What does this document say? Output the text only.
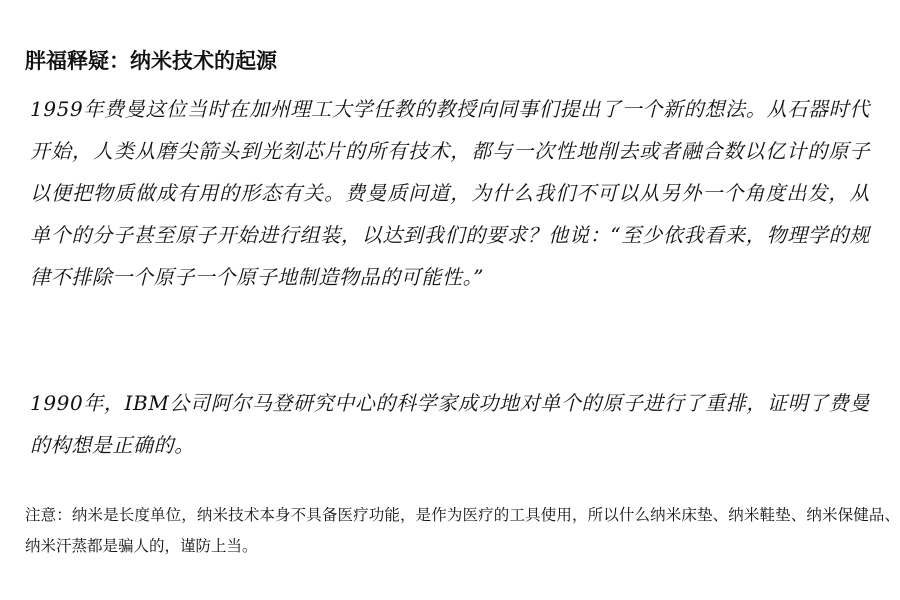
胖福释疑：纳米技术的起源

1959年费曼这位当时在加州理工大学任教的教授向同事们提出了一个新的想法。从石器时代开始，人类从磨尖箭头到光刻芯片的所有技术，都与一次性地削去或者融合数以亿计的原子以便把物质做成有用的形态有关。费曼质问道，为什么我们不可以从另外一个角度出发，从单个的分子甚至原子开始进行组装，以达到我们的要求？他说：“至少依我看来，物理学的规律不排除一个原子一个原子地制造物品的可能性。”

1990年，IBM公司阿尔马登研究中心的科学家成功地对单个的原子进行了重排，证明了费曼的构想是正确的。

注意：纳米是长度单位，纳米技术本身不具备医疗功能，是作为医疗的工具使用，所以什么纳米床垫、纳米鞋垫、纳米保健品、纳米汗蒸都是骗人的，谨防上当。
